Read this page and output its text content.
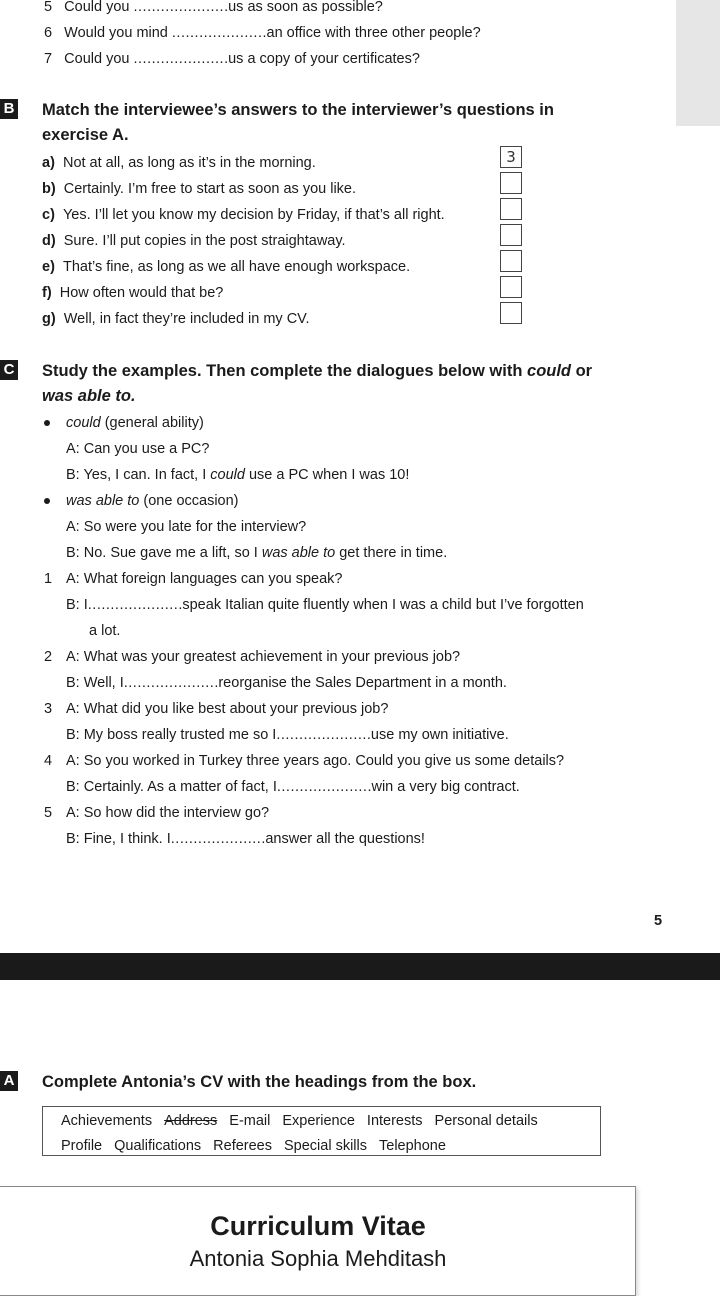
5 Could you .....................us as soon as possible?
6 Would you mind .....................an office with three other people?
7 Could you .....................us a copy of your certificates?
B Match the interviewee’s answers to the interviewer’s questions in
exercise A.
a) Not at all, as long as it’s in the morning.
b) Certainly. I’m free to start as soon as you like.
c) Yes. I’ll let you know my decision by Friday, if that’s all right.
d) Sure. I’ll put copies in the post straightaway.
e) That’s fine, as long as we all have enough workspace.
f) How often would that be?
g) Well, in fact they’re included in my CV.
3
C Study the examples. Then complete the dialogues below with could or
was able to.
could (general ability)
A: Can you use a PC?
B: Yes, I can. In fact, I could use a PC when I was 10!
was able to (one occasion)
A: So were you late for the interview?
B: No. Sue gave me a lift, so I was able to get there in time.
1 A: What foreign languages can you speak?
B: I.....................speak Italian quite fluently when I was a child but I’ve forgotten
a lot.
2 A: What was your greatest achievement in your previous job?
B: Well, I.....................reorganise the Sales Department in a month.
3 A: What did you like best about your previous job?
B: My boss really trusted me so I.....................use my own initiative.
4 A: So you worked in Turkey three years ago. Could you give us some details?
B: Certainly. As a matter of fact, I.....................win a very big contract.
5 A: So how did the interview go?
B: Fine, I think. I.....................answer all the questions!
5
A Complete Antonia’s CV with the headings from the box.
Achievements Address E-mail Experience Interests Personal details
Profile Qualifications Referees Special skills Telephone
Curriculum Vitae
Antonia Sophia Mehditash
